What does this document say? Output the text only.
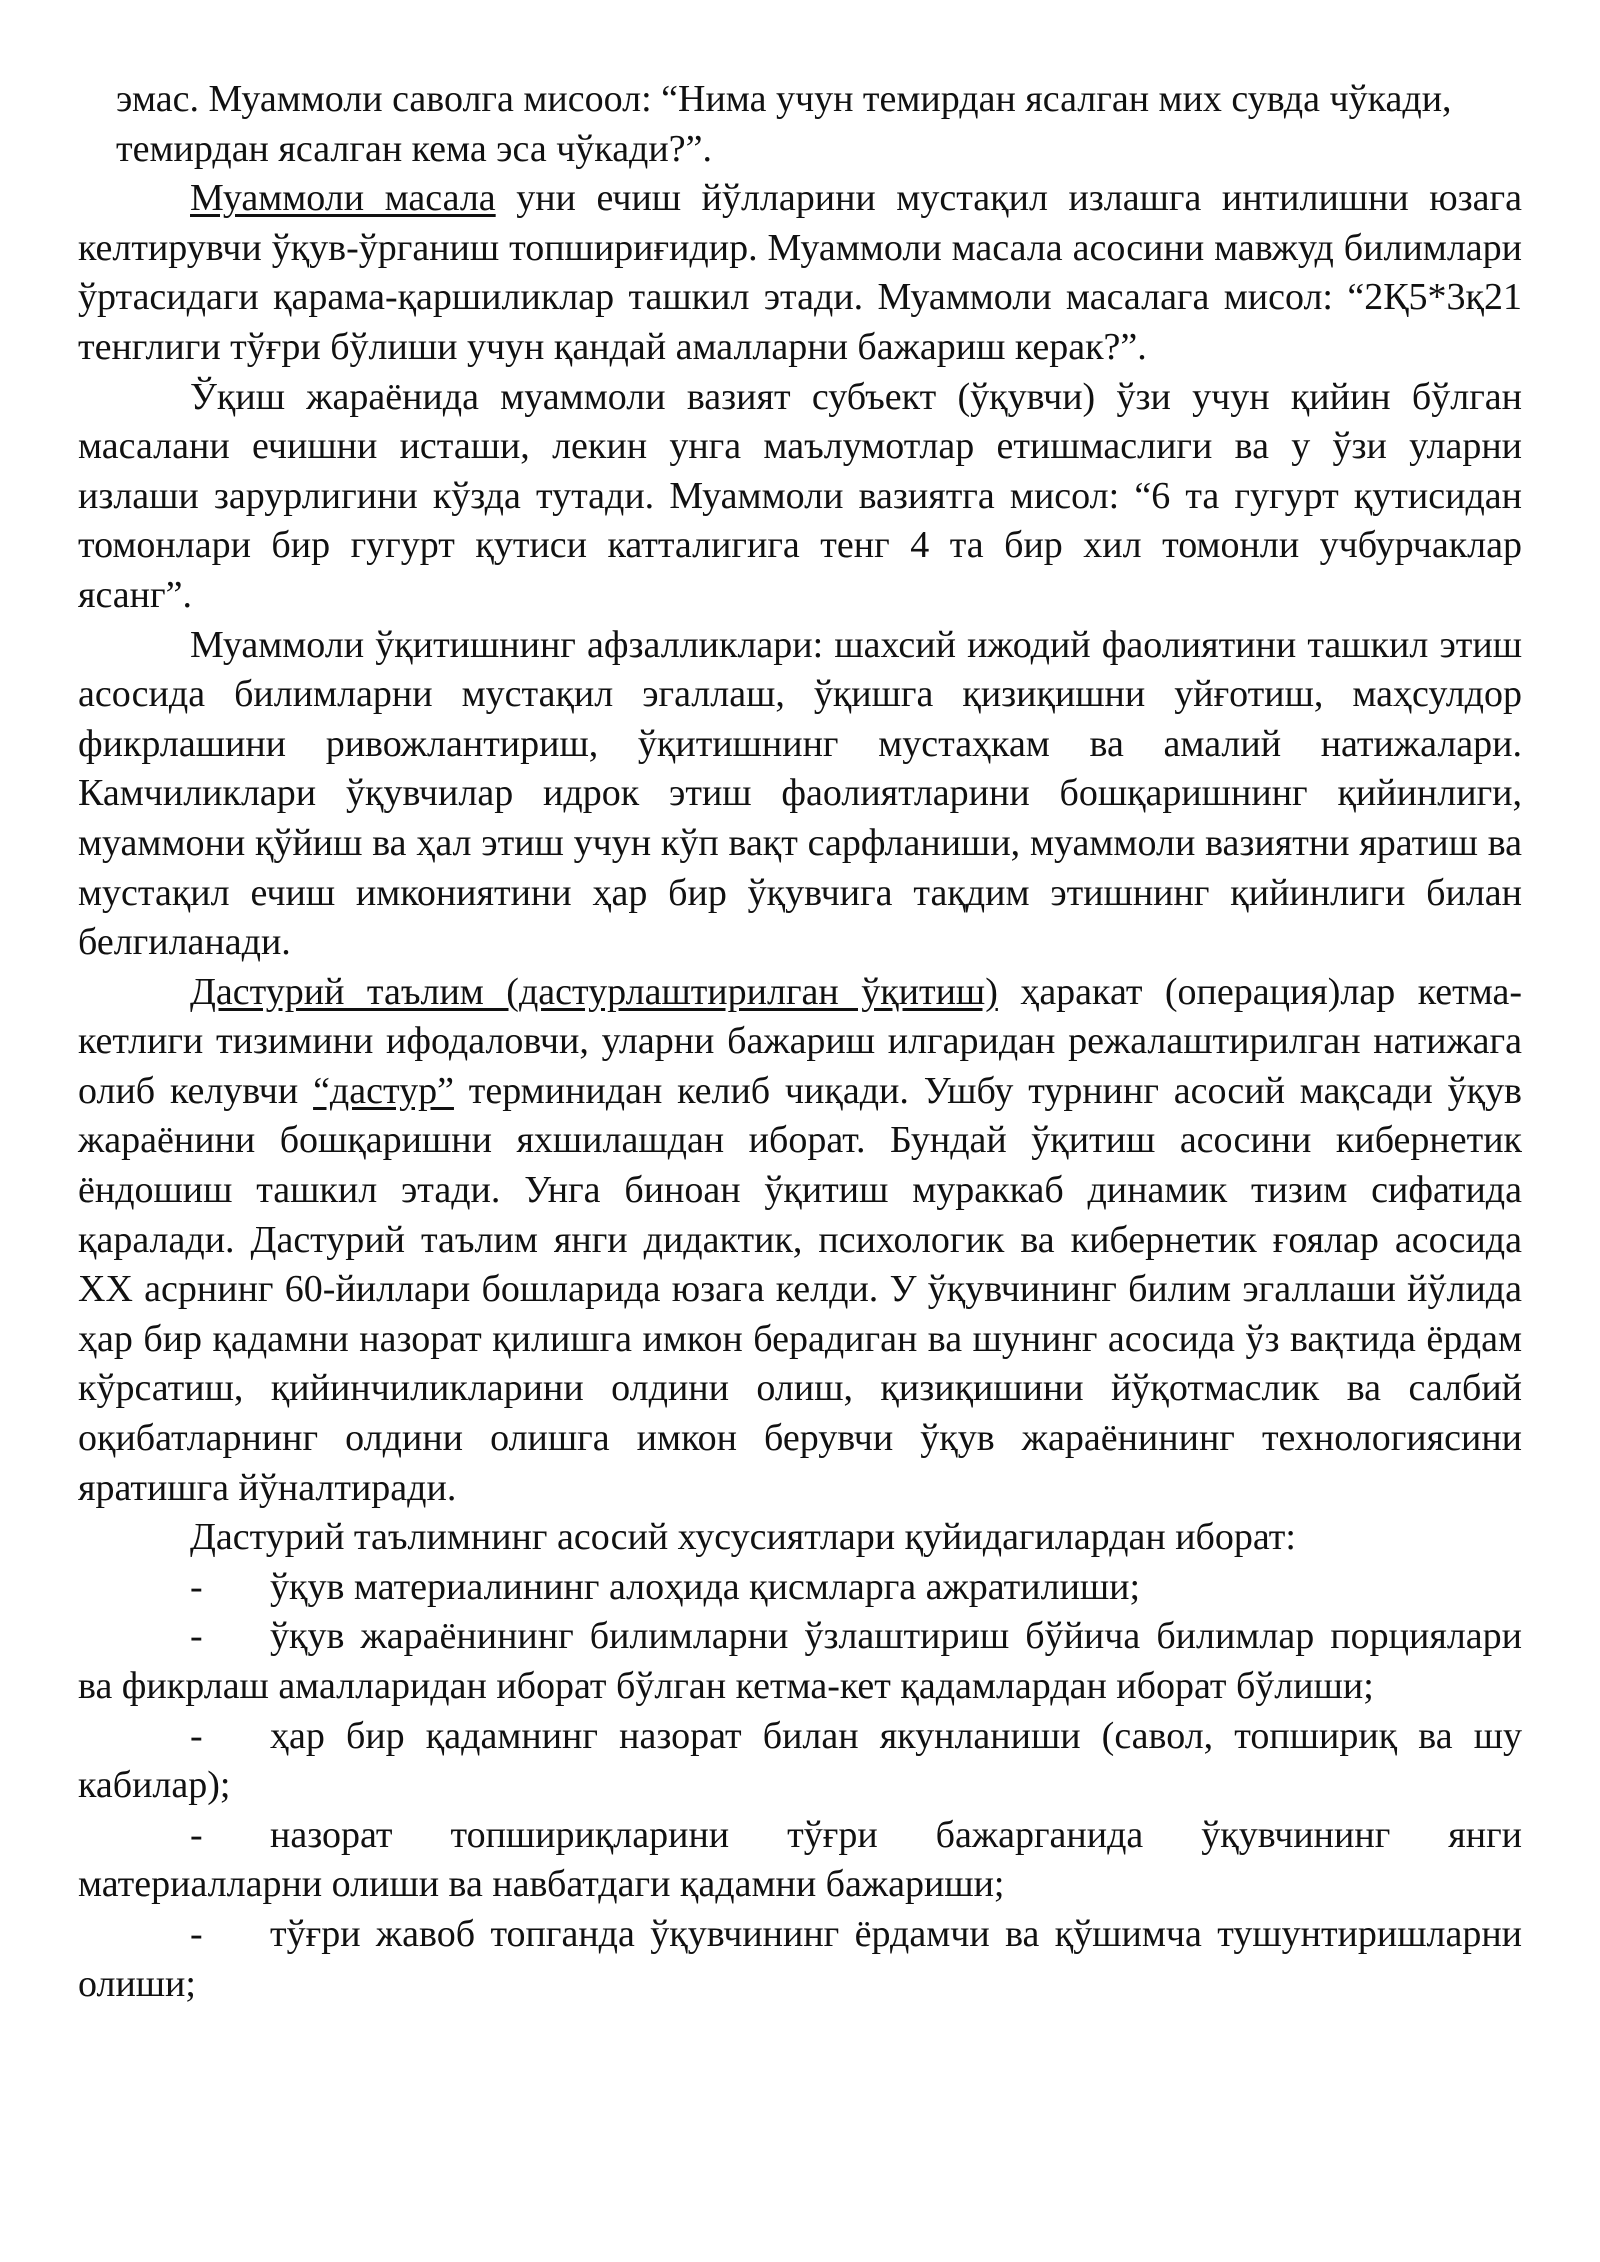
эмас. Муаммоли саволга мисоол: “Нима учун темирдан ясалган мих сувда чўкади, темирдан ясалган кема эса чўкади?”.

Муаммоли масала уни ечиш йўлларини мустақил излашга интилишни юзага келтирувчи ўқув-ўрганиш топшириғидир. Муаммоли масала асосини мавжуд билимлари ўртасидаги қарама-қаршиликлар ташкил этади. Муаммоли масалага мисол: “2Қ5*3қ21 тенглиги тўғри бўлиши учун қандай амалларни бажариш керак?”.

Ўқиш жараёнида муаммоли вазият субъект (ўқувчи) ўзи учун қийин бўлган масалани ечишни исташи, лекин унга маълумотлар етишмаслиги ва у ўзи уларни излаши зарурлигини кўзда тутади. Муаммоли вазиятга мисол: “6 та гугурт қутисидан томонлари бир гугурт қутиси катталигига тенг 4 та бир хил томонли учбурчаклар ясанг”.

Муаммоли ўқитишнинг афзалликлари: шахсий ижодий фаолиятини ташкил этиш асосида билимларни мустақил эгаллаш, ўқишга қизиқишни уйғотиш, маҳсулдор фикрлашини ривожлантириш, ўқитишнинг мустаҳкам ва амалий натижалари. Камчиликлари ўқувчилар идрок этиш фаолиятларини бошқаришнинг қийинлиги, муаммони қўйиш ва ҳал этиш учун кўп вақт сарфланиши, муаммоли вазиятни яратиш ва мустақил ечиш имкониятини ҳар бир ўқувчига тақдим этишнинг қийинлиги билан белгиланади.

Дастурий таълим (дастурлаштирилган ўқитиш) ҳаракат (операция)лар кетма-кетлиги тизимини ифодаловчи, уларни бажариш илгаридан режалаштирилган натижага олиб келувчи “дастур” терминидан келиб чиқади. Ушбу турнинг асосий мақсади ўқув жараёнини бошқаришни яхшилашдан иборат. Бундай ўқитиш асосини кибернетик ёндошиш ташкил этади. Унга биноан ўқитиш мураккаб динамик тизим сифатида қаралади. Дастурий таълим янги дидактик, психологик ва кибернетик ғоялар асосида XX асрнинг 60-йиллари бошларида юзага келди. У ўқувчининг билим эгаллаши йўлида ҳар бир қадамни назорат қилишга имкон берадиган ва шунинг асосида ўз вақтида ёрдам кўрсатиш, қийинчиликларини олдини олиш, қизиқишини йўқотмаслик ва салбий оқибатларнинг олдини олишга имкон берувчи ўқув жараёнининг технологиясини яратишга йўналтиради.

Дастурий таълимнинг асосий хусусиятлари қуйидагилардан иборат:

- ўқув материалининг алоҳида қисмларга ажратилиши;

- ўқув жараёнининг билимларни ўзлаштириш бўйича билимлар порциялари ва фикрлаш амалларидан иборат бўлган кетма-кет қадамлардан иборат бўлиши;

- ҳар бир қадамнинг назорат билан якунланиши (савол, топшириқ ва шу кабилар);

- назорат топшириқларини тўғри бажарганида ўқувчининг янги материалларни олиши ва навбатдаги қадамни бажариши;

- тўғри жавоб топганда ўқувчининг ёрдамчи ва қўшимча тушунтиришларни олиши;
